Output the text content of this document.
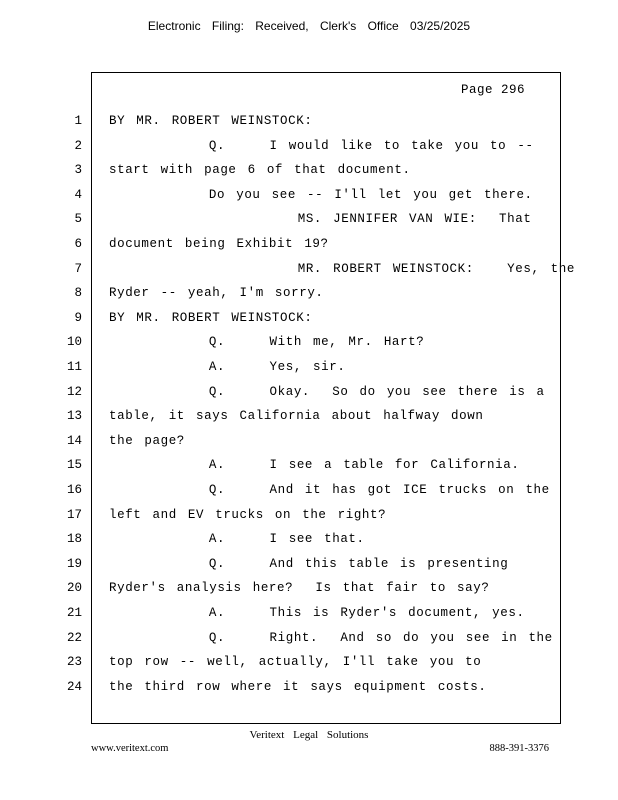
Electronic Filing: Received, Clerk's Office 03/25/2025
Page 296
1 BY MR. ROBERT WEINSTOCK:
2 Q.    I would like to take you to --
3 start with page 6 of that document.
4 Do you see -- I'll let you get there.
5 MS. JENNIFER VAN WIE:  That
6 document being Exhibit 19?
7 MR. ROBERT WEINSTOCK:   Yes, the
8 Ryder -- yeah, I'm sorry.
9 BY MR. ROBERT WEINSTOCK:
10 Q.    With me, Mr. Hart?
11 A.    Yes, sir.
12 Q.    Okay.  So do you see there is a
13 table, it says California about halfway down
14 the page?
15 A.    I see a table for California.
16 Q.    And it has got ICE trucks on the
17 left and EV trucks on the right?
18 A.    I see that.
19 Q.    And this table is presenting
20 Ryder's analysis here?  Is that fair to say?
21 A.    This is Ryder's document, yes.
22 Q.    Right.  And so do you see in the
23 top row -- well, actually, I'll take you to
24 the third row where it says equipment costs.
Veritext Legal Solutions
www.veritext.com	888-391-3376
